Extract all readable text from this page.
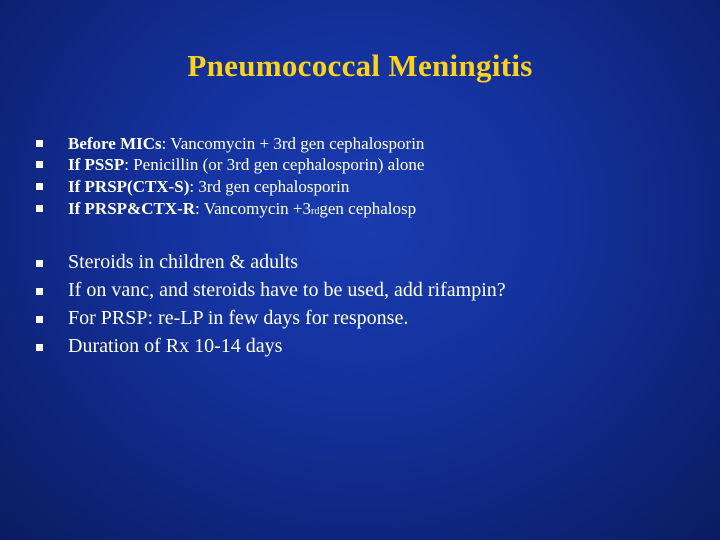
Pneumococcal Meningitis
Before MICs : Vancomycin + 3rd gen cephalosporin
If PSSP : Penicillin (or 3rd gen cephalosporin) alone
If PRSP(CTX-S) : 3rd gen cephalosporin
If PRSP&CTX-R : Vancomycin +3 rd gen cephalosp
Steroids in children & adults
If on vanc, and steroids have to be used, add rifampin?
For PRSP: re-LP in few days for response.
Duration of Rx 10-14 days
